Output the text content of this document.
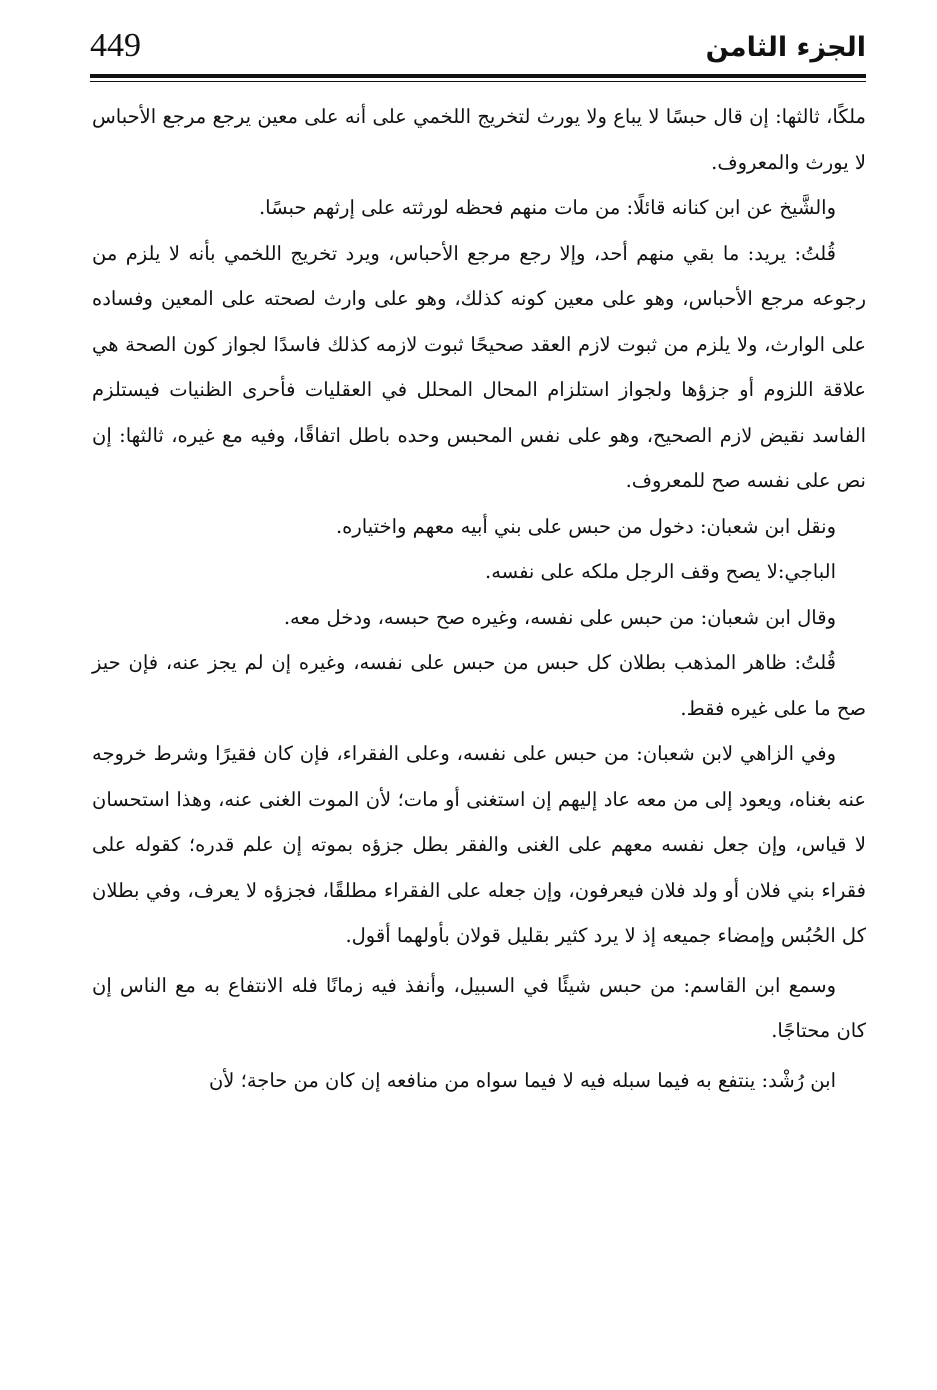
449	الجزء الثامن

ملكًا، ثالثها: إن قال حبسًا لا يباع ولا يورث لتخريج اللخمي على أنه على معين يرجع مرجع الأحباس لا يورث والمعروف.

والشَّيخ عن ابن كنانه قائلًا: من مات منهم فحظه لورثته على إرثهم حبسًا.

قُلتُ: يريد: ما بقي منهم أحد، وإلا رجع مرجع الأحباس، ويرد تخريج اللخمي بأنه لا يلزم من رجوعه مرجع الأحباس، وهو على معين كونه كذلك، وهو على وارث لصحته على المعين وفساده على الوارث، ولا يلزم من ثبوت لازم العقد صحيحًا ثبوت لازمه كذلك فاسدًا لجواز كون الصحة هي علاقة اللزوم أو جزؤها ولجواز استلزام المحال المحلل في العقليات فأحرى الظنيات فيستلزم الفاسد نقيض لازم الصحيح، وهو على نفس المحبس وحده باطل اتفاقًا، وفيه مع غيره، ثالثها: إن نص على نفسه صح للمعروف.

ونقل ابن شعبان: دخول من حبس على بني أبيه معهم واختياره.

الباجي:لا يصح وقف الرجل ملكه على نفسه.

وقال ابن شعبان: من حبس على نفسه، وغيره صح حبسه، ودخل معه.

قُلتُ: ظاهر المذهب بطلان كل حبس من حبس على نفسه، وغيره إن لم يجز عنه، فإن حيز صح ما على غيره فقط.

وفي الزاهي لابن شعبان: من حبس على نفسه، وعلى الفقراء، فإن كان فقيرًا وشرط خروجه عنه بغناه، ويعود إلى من معه عاد إليهم إن استغنى أو مات؛ لأن الموت الغنى عنه، وهذا استحسان لا قياس، وإن جعل نفسه معهم على الغنى والفقر بطل جزؤه بموته إن علم قدره؛ كقوله على فقراء بني فلان أو ولد فلان فيعرفون، وإن جعله على الفقراء مطلقًا، فجزؤه لا يعرف، وفي بطلان كل الحُبُس وإمضاء جميعه إذ لا يرد كثير بقليل قولان بأولهما أقول.

وسمع ابن القاسم: من حبس شيئًا في السبيل، وأنفذ فيه زمانًا فله الانتفاع به مع الناس إن كان محتاجًا.

ابن رُشْد: ينتفع به فيما سبله فيه لا فيما سواه من منافعه إن كان من حاجة؛ لأن
